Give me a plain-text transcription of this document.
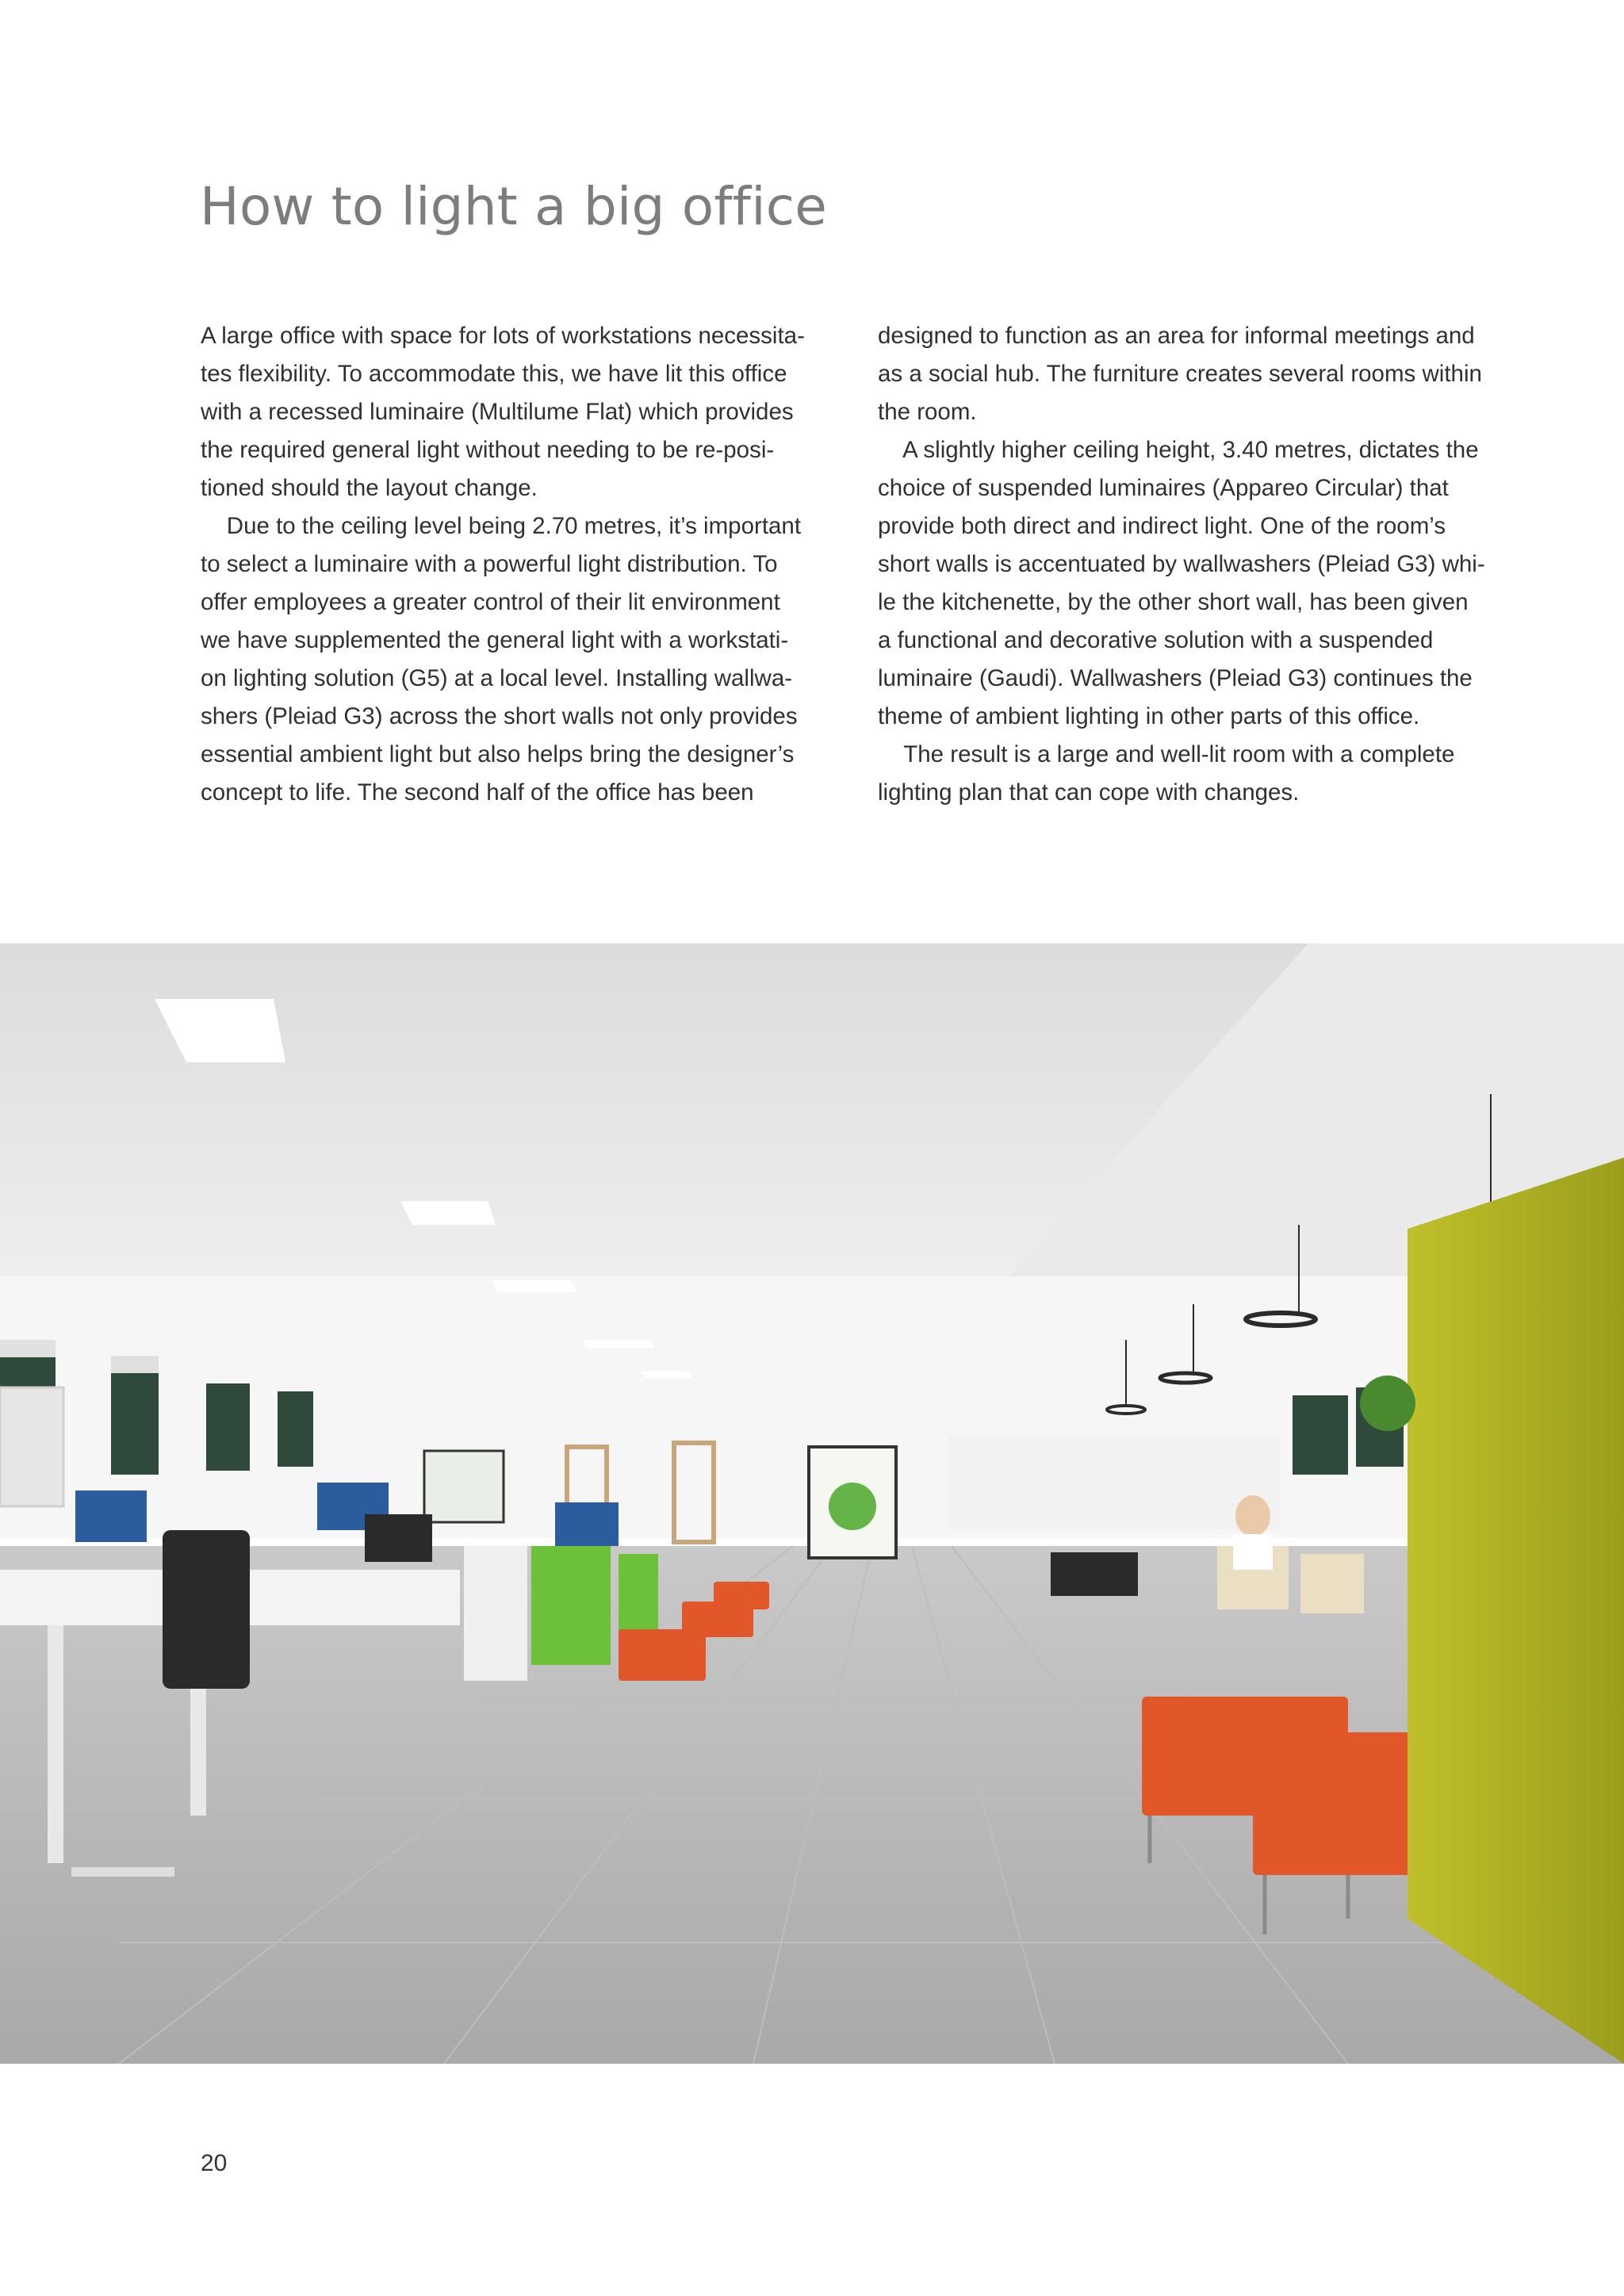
How to light a big office

A large office with space for lots of workstations necessita-

tes flexibility. To accommodate this, we have lit this office

with a recessed luminaire (Multilume Flat) which provides

the required general light without needing to be re-posi-

tioned should the layout change.

Due to the ceiling level being 2.70 metres, it’s important

to select a luminaire with a powerful light distribution. To

offer employees a greater control of their lit environment

we have supplemented the general light with a workstati-

on lighting solution (G5) at a local level. Installing wallwa-

shers (Pleiad G3) across the short walls not only provides

essential ambient light but also helps bring the designer’s

concept to life. The second half of the office has been

designed to function as an area for informal meetings and

as a social hub. The furniture creates several rooms within

the room.

A slightly higher ceiling height, 3.40 metres, dictates the

choice of suspended luminaires (Appareo Circular) that

provide both direct and indirect light. One of the room’s

short walls is accentuated by wallwashers (Pleiad G3) whi-

le the kitchenette, by the other short wall, has been given

a functional and decorative solution with a suspended

luminaire (Gaudi). Wallwashers (Pleiad G3) continues the

theme of ambient lighting in other parts of this office.

The result is a large and well-lit room with a complete

lighting plan that can cope with changes.

20
